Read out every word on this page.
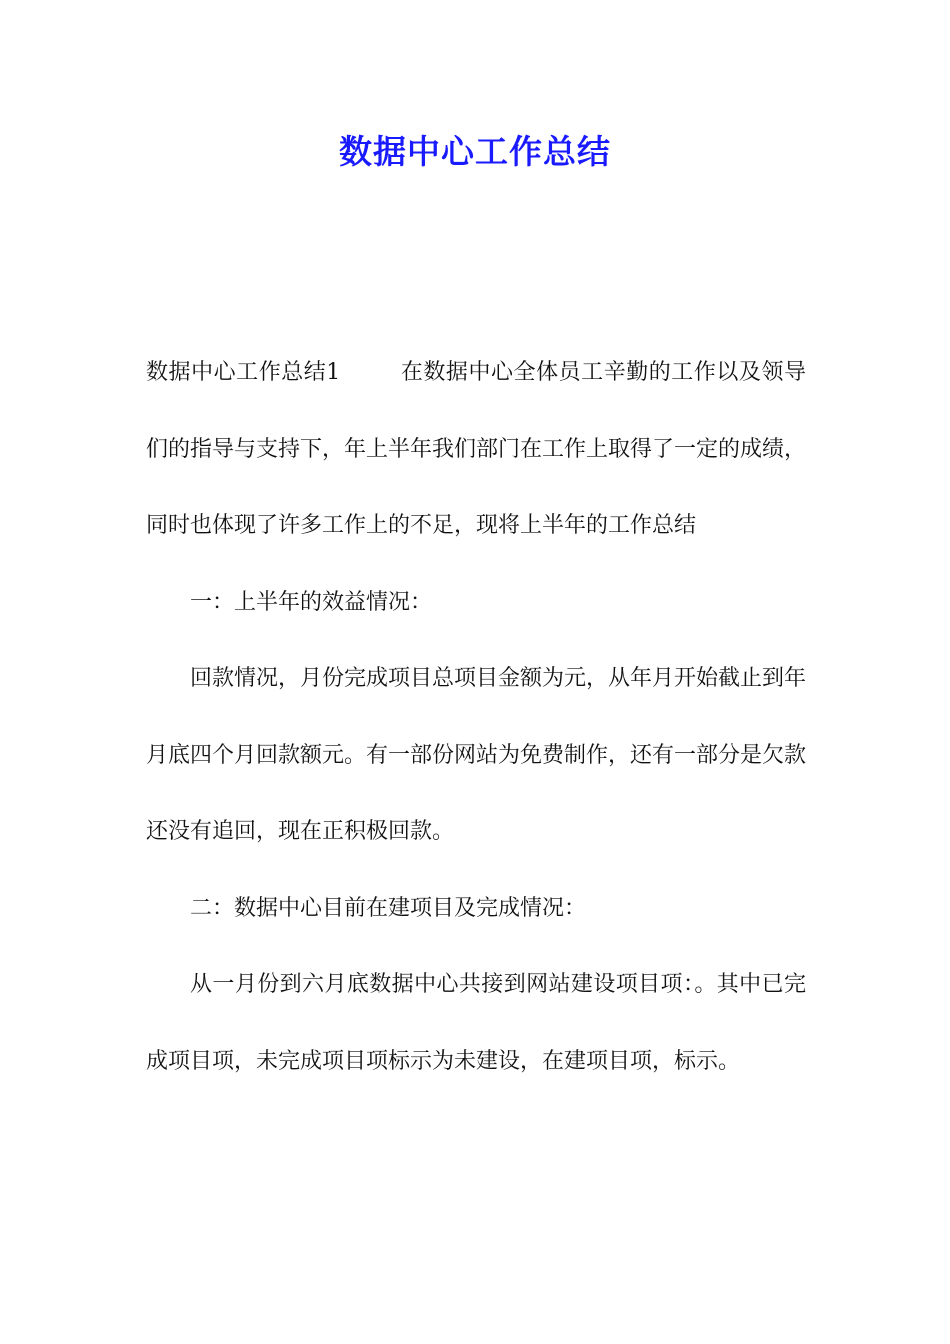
数据中心工作总结

数据中心工作总结1	在数据中心全体员工辛勤的工作以及领导们的指导与支持下，年上半年我们部门在工作上取得了一定的成绩，同时也体现了许多工作上的不足，现将上半年的工作总结

一：上半年的效益情况：

回款情况，月份完成项目总项目金额为元，从年月开始截止到年月底四个月回款额元。有一部份网站为免费制作，还有一部分是欠款还没有追回，现在正积极回款。

二：数据中心目前在建项目及完成情况：

从一月份到六月底数据中心共接到网站建设项目项：。其中已完成项目项，未完成项目项标示为未建设，在建项目项，标示。
